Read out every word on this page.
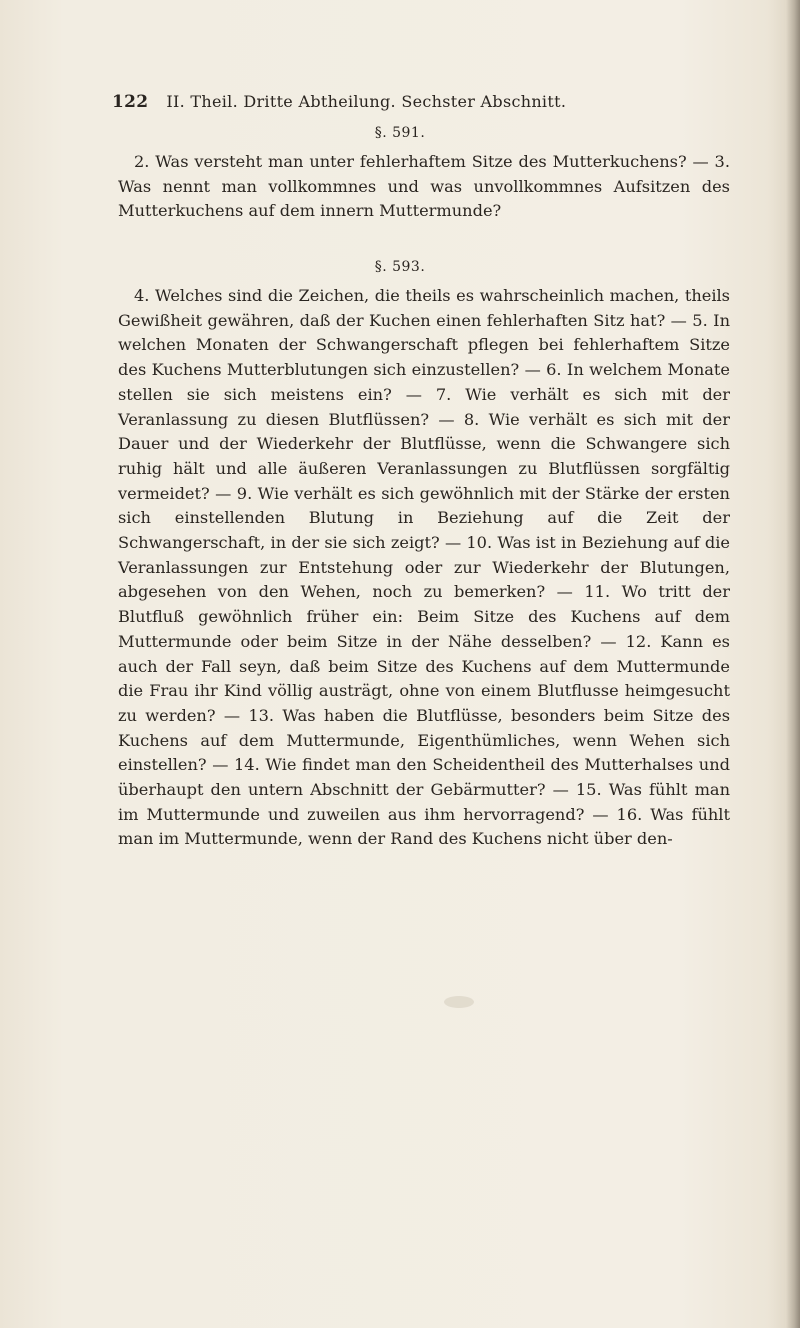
122 II. Theil. Dritte Abtheilung. Sechster Abschnitt.
§. 591.

2. Was versteht man unter fehlerhaftem Sitze des Mutterkuchens? — 3. Was nennt man vollkommnes und was unvollkommnes Aufsitzen des Mutterkuchens auf dem innern Muttermunde?

§. 593.

4. Welches sind die Zeichen, die theils es wahrscheinlich machen, theils Gewißheit gewähren, daß der Kuchen einen fehlerhaften Sitz hat? — 5. In welchen Monaten der Schwangerschaft pflegen bei fehlerhaftem Sitze des Kuchens Mutterblutungen sich einzustellen? — 6. In welchem Monate stellen sie sich meistens ein? — 7. Wie verhält es sich mit der Veranlassung zu diesen Blutflüssen? — 8. Wie verhält es sich mit der Dauer und der Wiederkehr der Blutflüsse, wenn die Schwangere sich ruhig hält und alle äußeren Veranlassungen zu Blutflüssen sorgfältig vermeidet? — 9. Wie verhält es sich gewöhnlich mit der Stärke der ersten sich einstellenden Blutung in Beziehung auf die Zeit der Schwangerschaft, in der sie sich zeigt? — 10. Was ist in Beziehung auf die Veranlassungen zur Entstehung oder zur Wiederkehr der Blutungen, abgesehen von den Wehen, noch zu bemerken? — 11. Wo tritt der Blutfluß gewöhnlich früher ein: Beim Sitze des Kuchens auf dem Muttermunde oder beim Sitze in der Nähe desselben? — 12. Kann es auch der Fall seyn, daß beim Sitze des Kuchens auf dem Muttermunde die Frau ihr Kind völlig austrägt, ohne von einem Blutflusse heimgesucht zu werden? — 13. Was haben die Blutflüsse, besonders beim Sitze des Kuchens auf dem Muttermunde, Eigenthümliches, wenn Wehen sich einstellen? — 14. Wie findet man den Scheidentheil des Mutterhalses und überhaupt den untern Abschnitt der Gebärmutter? — 15. Was fühlt man im Muttermunde und zuweilen aus ihm hervorragend? — 16. Was fühlt man im Muttermunde, wenn der Rand des Kuchens nicht über den-
